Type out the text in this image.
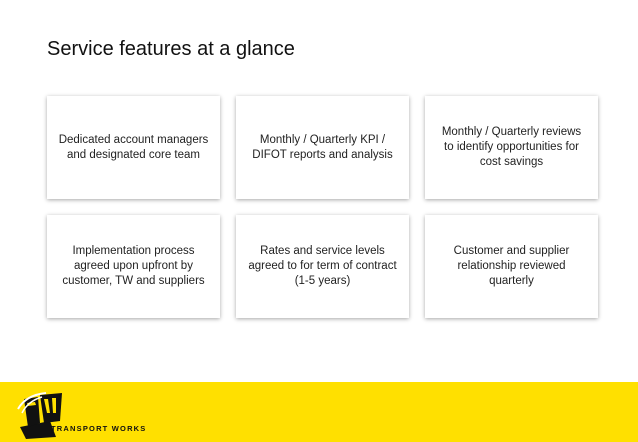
Service features at a glance
Dedicated account managers
and designated core team
Monthly / Quarterly KPI /
DIFOT reports and analysis
Monthly / Quarterly reviews
to identify opportunities for
cost savings
Implementation process
agreed upon upfront by
customer, TW and suppliers
Rates and service levels
agreed to for term of contract
(1-5 years)
Customer and supplier
relationship reviewed
quarterly
TRANSPORT WORKS
